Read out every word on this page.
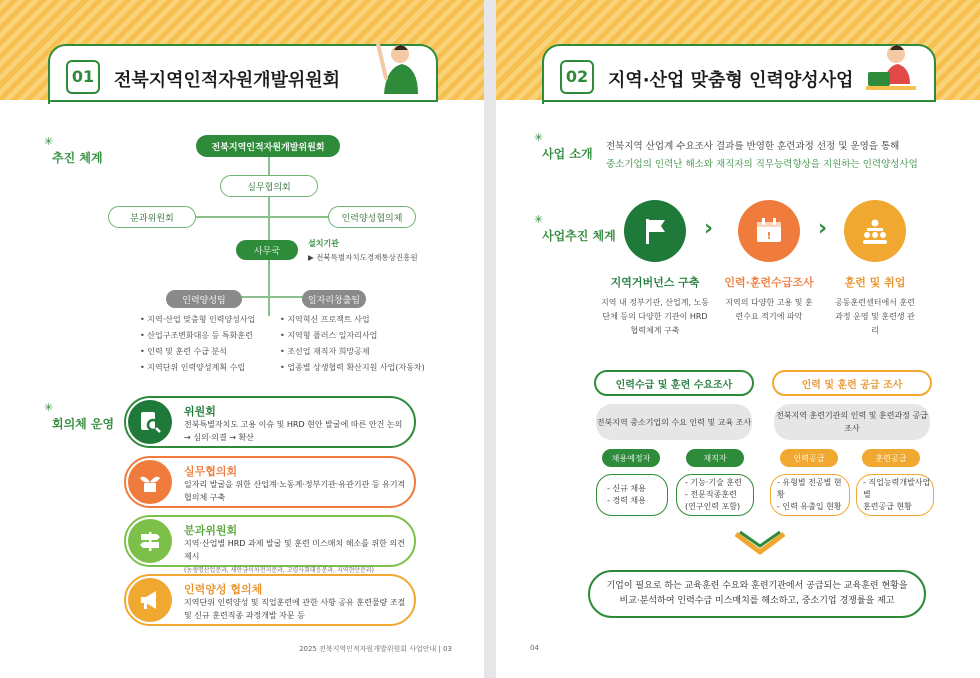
01	전북지역인적자원개발위원회
✳
추진 체계
전북지역인적자원개발위원회
실무협의회
분과위원회	인력양성협의체
사무국
설치기관
▶ 전북특별자치도경제통상진흥원
인력양성팀	일자리창출팀
• 지역·산업 맞춤형 인력양성사업
• 산업구조변화대응 등 특화훈련
• 인력 및 훈련 수급 분석
• 지역단위 인력양성계획 수립
• 지역혁신 프로젝트 사업
• 지역형 플러스 일자리사업
• 조선업 재직자 희망공제
• 업종별 상생협력 확산지원 사업(자동차)
✳
회의체 운영
위원회
전북특별자치도 고용 이슈 및 HRD 현안 발굴에 따른 안건 논의 → 심의·의결 → 확산
실무협의회
일자리 발굴을 위한 산업계·노동계·정부기관·유관기관 등 유기적 협의체 구축
분과위원회
지역·산업별 HRD 과제 발굴 및 훈련 미스매치 해소를 위한 의견 제시
(농생명산업분과, 새만금이차전지분과, 고령사회대응분과, 지역현안분과)
인력양성 협의체
지역단위 인력양성 및 직업훈련에 관한 사항 공유 훈련물량 조절 및 신규 훈련직종 과정개발 자문 등
2025 전북지역인적자원개발위원회 사업안내 | 03
02	지역·산업 맞춤형 인력양성사업
✳
사업 소개
전북지역 산업계 수요조사 결과를 반영한 훈련과정 선정 및 운영을 통해
중소기업의 인력난 해소와 재직자의 직무능력향상을 지원하는 인력양성사업
✳
사업추진 체계	›	! ›
지역거버넌스 구축	인력·훈련수급조사	훈련 및 취업
지역 내 정부기관, 산업계, 노동단체 등의 다양한 기관이 HRD 협력체계 구축
지역의 다양한 고용 및 훈련수요 적기에 파악
공동훈련센터에서 훈련과정 운영 및 훈련생 관리
인력수급 및 훈련 수요조사
전북지역 중소기업의 수요 인력 및 교육 조사
채용예정자	재직자
- 신규 채용
- 경력 채용
- 기능·기술 훈련
- 전문직종훈련
(연구인력 포함)
인력 및 훈련 공급 조사
전북지역 훈련기관의 인력 및 훈련과정 공급 조사
인력공급	훈련공급
- 유형별 전공별 현황
- 인력 유출입 현황
- 직업능력개발사업별
훈련공급 현황
기업이 필요로 하는 교육훈련 수요와 훈련기관에서 공급되는 교육훈련 현황을
비교·분석하여 인력수급 미스매치를 해소하고, 중소기업 경쟁률을 제고
04
